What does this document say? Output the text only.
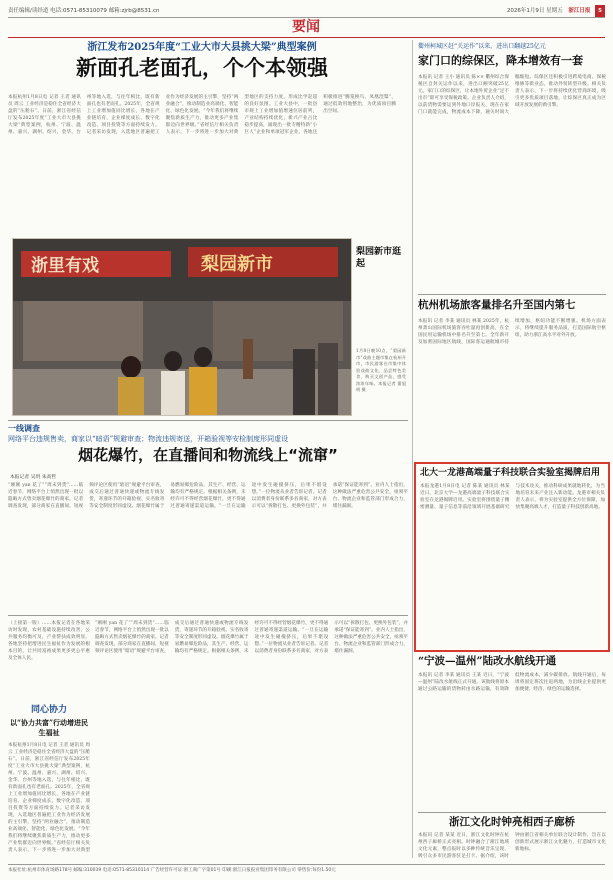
责任编辑/读经道 电话:0571-85310079 邮箱:zjrb@8531.cn	2026年1月9日 星期五 浙江日报 5
要闻
浙江发布2025年度“工业大市大县挑大梁”典型案例
新面孔老面孔，个个本领强
本报杭州1月8日电 记者 王者 通讯员 周云 工业经济是稳住全省经济大盘的“压舱石”。日前，浙江省经信厅发布2025年度“工业大市大县挑大梁”典型案例，杭州、宁波、温州、嘉兴、湖州、绍兴、金华、台州等地入选，与往年相比，既有新面孔也有老面孔。2025年，全省规上工业增加值同比增长，各地在产业链培育、企业梯度成长、数字化改造、项目投资等方面持续发力。记者采访发现，入选地区普遍把工业作为经济发展的主引擎，坚持“两业融合”，推动制造业高端化、智能化、绿色化发展。“今年我们将继续聚焦新质生产力，推动更多产业集群迈向世界级。”省经信厅相关负责人表示，下一步将进一步加大对典型地区的支持力度，形成比学赶超的良好氛围。工业大县中，一批县市规上工业增加值增速位居前列，产业结构持续优化，新兴产业占比稳步提高，涌现出一批专精特新“小巨人”企业和单项冠军企业。各地还积极推进“腾笼换鸟、凤凰涅槃”，通过低效用地整治，为优质项目腾出空间。
浙里有戏	梨园新市
梨园新市逛起
1月8日晚10点，“梨园新市”戏曲主题市集在杭州开市，市民游客在市集中体验戏曲文化、品尝特色美食、购买文创产品，感受浓浓年味。本报记者 董旭明 摄
一线调查
网络平台违规售卖，商家以“暗语”规避审查；物流违规寄送，开箱验视等安检制度形同虚设
烟花爆竹，在直播间和物流线上“流窜”
本报记者 吴玥 朱高哲
“刚刚 yan 花了”“周末到货”……临近春节，网络平台上悄然出现一批以隐晦方式售卖烟花爆竹的商家。记者调查发现，部分商家在直播间、短视频评论区使用“暗语”规避平台审查，成交后通过普通快递或物流专线发货，寄递环节的开箱验视、实名收寄等安全制度形同虚设。烟花爆竹属于易燃易爆危险品，其生产、经营、运输均有严格规定。根据相关条例，未经许可不得经营烟花爆竹，更不得通过普通寄递渠道运输。“一旦在运输途中发生碰撞挤压，后果不堪设想。”一位物流从业者告诉记者。记者以消费者身份联系多名商家，对方表示可以“拆散打包、更换外包装”，并承诺“保证能寄到”。业内人士指出，这种做法严重危害公共安全，亟须平台、物流企业和监管部门形成合力，堵住漏洞。
（上接第一版）……本报记者在各地采访时发现，农村基础设施持续改善，公共服务均衡可及，产业帮扶成效明显。各地坚持把增进民生福祉作为发展的根本目的，让共同富裕成果更多更公平惠及全体人民。
同心协力
以“协力共富”行动增进民生福祉
本报杭州1月8日电 记者 王者 通讯员 周云 工业经济是稳住全省经济大盘的“压舱石”。日前，浙江省经信厅发布2025年度“工业大市大县挑大梁”典型案例，杭州、宁波、温州、嘉兴、湖州、绍兴、金华、台州等地入选，与往年相比，既有新面孔也有老面孔。2025年，全省规上工业增加值同比增长，各地在产业链培育、企业梯度成长、数字化改造、项目投资等方面持续发力。记者采访发现，入选地区普遍把工业作为经济发展的主引擎，坚持“两业融合”，推动制造业高端化、智能化、绿色化发展。“今年我们将继续聚焦新质生产力，推动更多产业集群迈向世界级。”省经信厅相关负责人表示，下一步将进一步加大对典型
“刚刚 yan 花了”“周末到货”……临近春节，网络平台上悄然出现一批以隐晦方式售卖烟花爆竹的商家。记者调查发现，部分商家在直播间、短视频评论区使用“暗语”规避平台审查，成交后通过普通快递或物流专线发货，寄递环节的开箱验视、实名收寄等安全制度形同虚设。烟花爆竹属于易燃易爆危险品，其生产、经营、运输均有严格规定。根据相关条例，未经许可不得经营烟花爆竹，更不得通过普通寄递渠道运输。“一旦在运输途中发生碰撞挤压，后果不堪设想。”一位物流从业者告诉记者。记者以消费者身份联系多名商家，对方表示可以“拆散打包、更换外包装”，并承诺“保证能寄到”。业内人士指出，这种做法严重危害公共安全，亟须平台、物流企业和监管部门形成合力，堵住漏洞。
衢州柯城区赶“关运作”以来，进出口翻越25亿元
家门口的综保区，降本增效有一套
本报讯 记者 王小 通讯员 陈×× 衢州综合保税区自封关运作以来，进出口额突破25亿元。家门口的综保区，让本地外贸企业“足不出市”即可享受保税政策。企业负责人介绍，以前货物需要运到外地口岸报关，现在在家门口就能完成，物流成本下降，通关时间大幅缩短。综保区还积极引进跨境电商、保税维修等新业态，推动外贸转型升级。相关负责人表示，下一步将持续优化营商环境，吸引更多优质项目落地，让综保区真正成为区域开放发展的新引擎。
杭州机场旅客量排名升至国内第七
本报讯 记者 李某 通讯员 林某 2025年，杭州萧山国际机场旅客吞吐量再创新高，在全国民用运输机场中排名升至第七。全年新开及加密国际地区航线，国际客运通航城市持续增加，枢纽功能不断增强。机场方面表示，将继续提升服务品质，打造国际航空枢纽，助力浙江高水平对外开放。
北大一龙港高端量子科技联合实验室揭牌启用
本报龙港1月8日电 记者 陈某 通讯员 林某 近日，北京大学—龙港高端量子科技联合实验室在龙港揭牌启用。实验室将围绕量子精密测量、量子信息等前沿领域开展基础研究与技术攻关，推动科研成果就地转化，为当地培育未来产业注入新动能。龙港市相关负责人表示，将为实验室提供全方位保障，加快集聚高端人才，打造量子科技创新高地。
“宁波—温州”陆改水航线开通
本报讯 记者 李某 通讯员 王某 近日，“宁波—温州”陆改水航线正式开通。该航线将原本通过公路运输的货物转由水路运输，有效降低物流成本，减少碳排放。航线开通后，每周将固定班次往返两地，为沿线企业提供更加便捷、经济、绿色的运输选择。
浙江文化时钟亮相西子廊桥
本报讯 记者 某某 近日，浙江文化时钟在杭州西子廊桥正式亮相。时钟融合了浙江地域文化元素，整点报时以多种传统音乐呈现，吸引众多市民游客驻足打卡。据介绍，该时钟由浙江省相关单位联合设计制作，旨在以创新形式展示浙江文化魅力，打造城市文化新地标。
本报社址:杭州市体育场路178号 邮编:310039 电话:0571-85310114 广告经营许可证:浙工商广字第01号 印刷:浙江日报报业集团印务有限公司 零售价:每份1.50元
